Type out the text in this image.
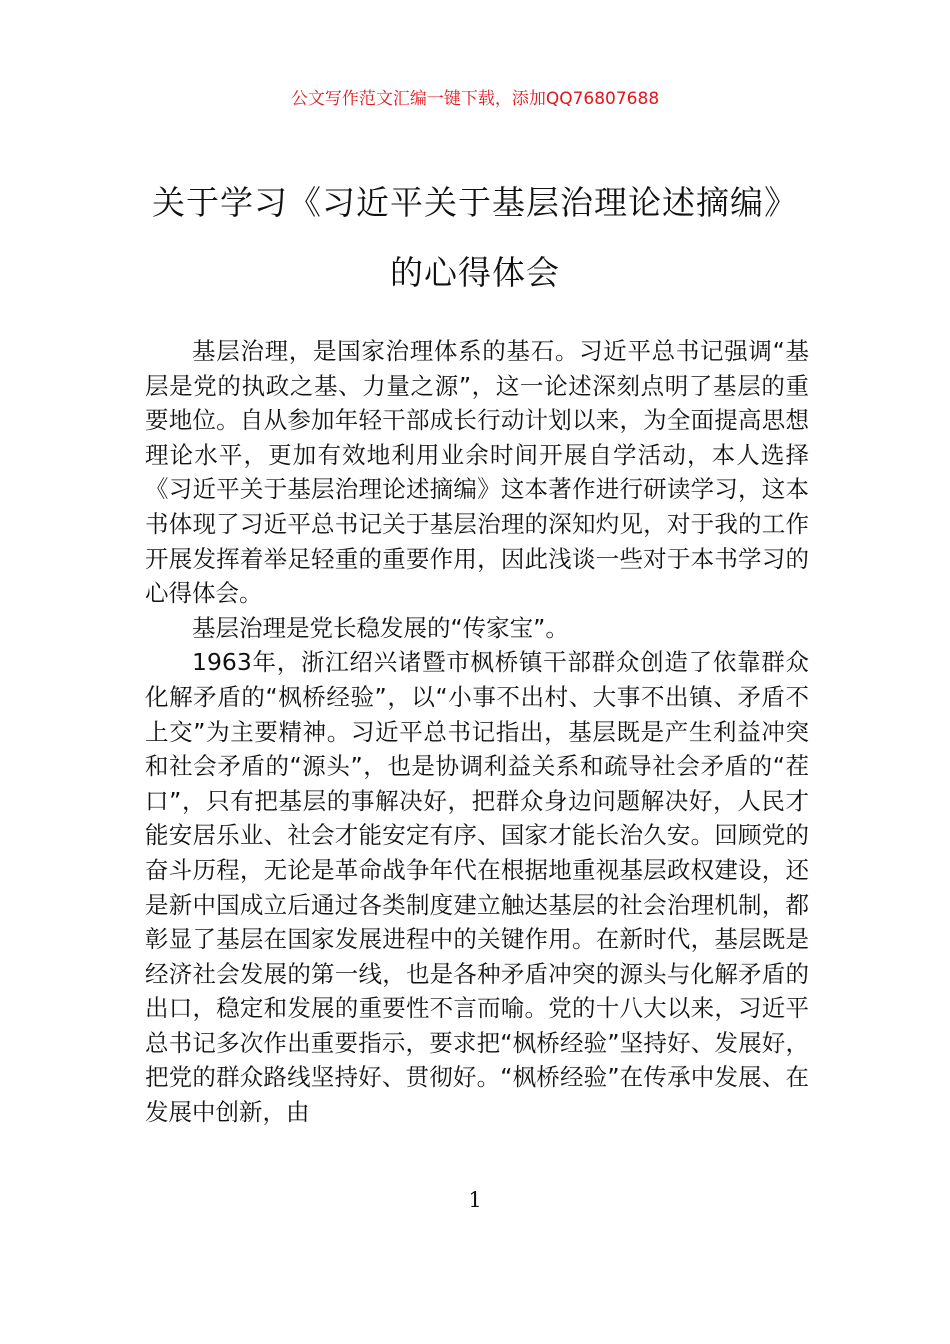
公文写作范文汇编一键下载，添加QQ76807688
关于学习《习近平关于基层治理论述摘编》的心得体会

基层治理，是国家治理体系的基石。习近平总书记强调“基层是党的执政之基、力量之源”，这一论述深刻点明了基层的重要地位。自从参加年轻干部成长行动计划以来，为全面提高思想理论水平，更加有效地利用业余时间开展自学活动，本人选择《习近平关于基层治理论述摘编》这本著作进行研读学习，这本书体现了习近平总书记关于基层治理的深知灼见，对于我的工作开展发挥着举足轻重的重要作用，因此浅谈一些对于本书学习的心得体会。

基层治理是党长稳发展的“传家宝”。

1963年，浙江绍兴诸暨市枫桥镇干部群众创造了依靠群众化解矛盾的“枫桥经验”，以“小事不出村、大事不出镇、矛盾不上交”为主要精神。习近平总书记指出，基层既是产生利益冲突和社会矛盾的“源头”，也是协调利益关系和疏导社会矛盾的“茬口”，只有把基层的事解决好，把群众身边问题解决好，人民才能安居乐业、社会才能安定有序、国家才能长治久安。回顾党的奋斗历程，无论是革命战争年代在根据地重视基层政权建设，还是新中国成立后通过各类制度建立触达基层的社会治理机制，都彰显了基层在国家发展进程中的关键作用。在新时代，基层既是经济社会发展的第一线，也是各种矛盾冲突的源头与化解矛盾的出口，稳定和发展的重要性不言而喻。党的十八大以来，习近平总书记多次作出重要指示，要求把“枫桥经验”坚持好、发展好，把党的群众路线坚持好、贯彻好。“枫桥经验”在传承中发展、在发展中创新，由

1
